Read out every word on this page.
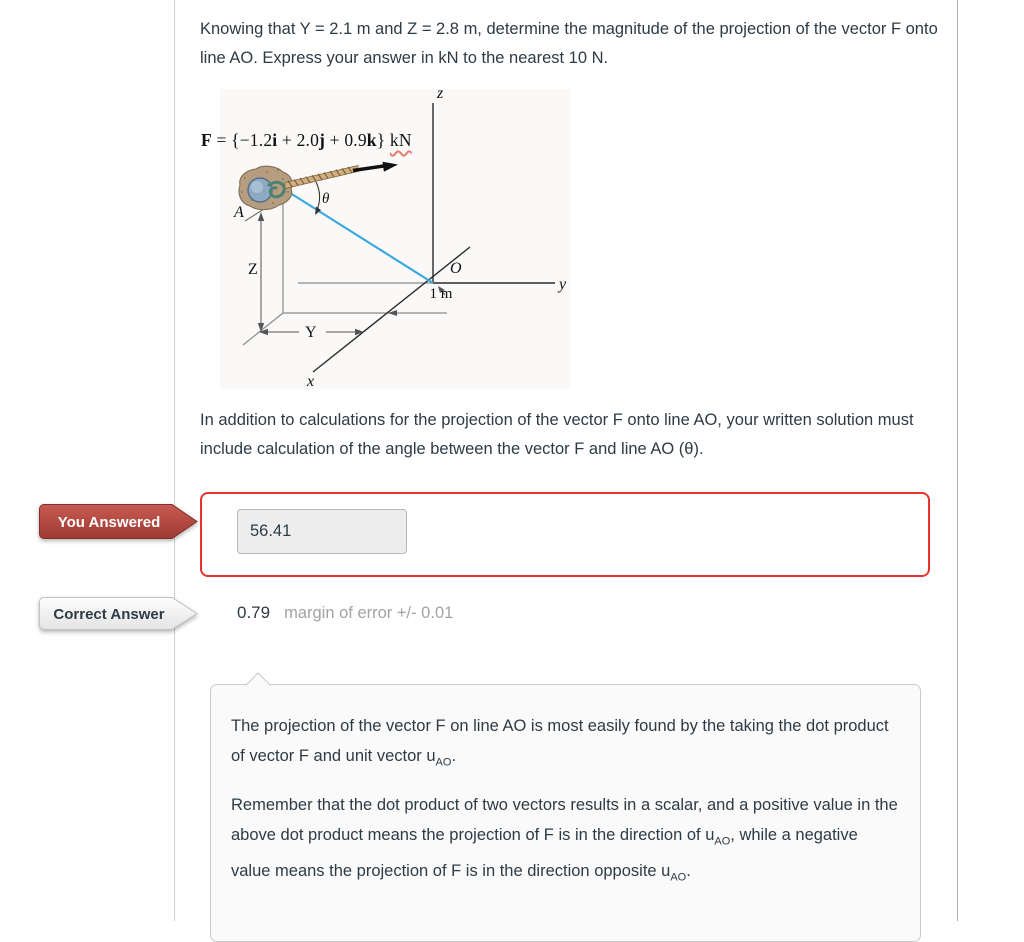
Knowing that Y = 2.1 m and Z = 2.8 m, determine the magnitude of the projection of the vector F onto line AO. Express your answer in kN to the nearest 10 N.
z
y
x
O
A
θ
Z
Y
1 m
F = {−1.2i + 2.0j + 0.9k} kN
In addition to calculations for the projection of the vector F onto line AO, your written solution must include calculation of the angle between the vector F and line AO (θ).
56.41
You Answered
Correct Answer	0.79 margin of error +/- 0.01

The projection of the vector F on line AO is most easily found by the taking the dot product of vector F and unit vector $u_{AO}$.

Remember that the dot product of two vectors results in a scalar, and a positive value in the above dot product means the projection of F is in the direction of $u_{AO}$, while a negative value means the projection of F is in the direction opposite $u_{AO}$.
